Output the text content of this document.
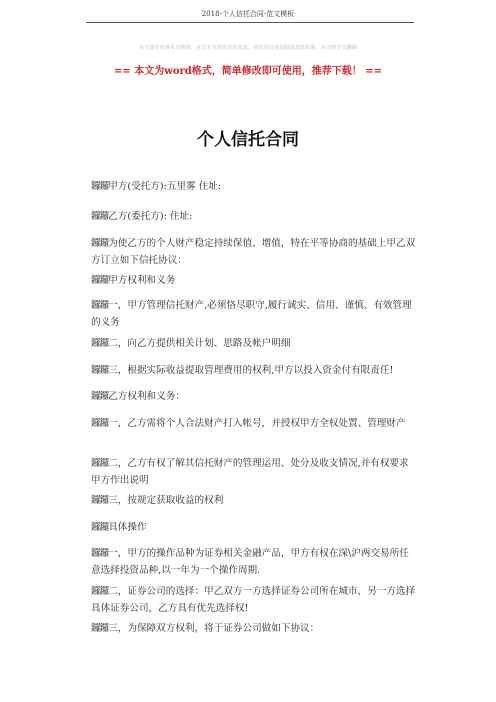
2018-个人信托合同-范文模板
本文部分内容来自网络，本司不为其真实性负责，如有异议或侵权请及时联系，本司将予以删除
== 本文为word格式，简单修改即可使用，推荐下载！ ==
个人信托合同
鑼鑼甲方(受托方):五里雾 住址:
鑼鑼乙方(委托方): 住址:
鑼鑼为使乙方的个人财产稳定持续保值、增值，特在平等协商的基础上甲乙双方订立如下信托协议：
鑼鑼甲方权利和义务
鑼鑼一，甲方管理信托财产,必须恪尽职守,履行诚实、信用、谨慎、有效管理的义务
鑼鑼二，向乙方提供相关计划、思路及帐户明细
鑼鑼三，根据实际收益提取管理费用的权利,甲方以投入资金付有限责任!
鑼鑼乙方权利和义务：
鑼鑼一，乙方需将个人合法财产打入帐号，并授权甲方全权处置、管理财产
鑼鑼二，乙方有权了解其信托财产的管理运用、处分及收支情况,并有权要求甲方作出说明
鑼鑼三，按规定获取收益的权利
鑼鑼具体操作
鑼鑼一，甲方的操作品种为证券相关金融产品，甲方有权在深\沪两交易所任意选择投资品种,以一年为一个操作周期.
鑼鑼二，证券公司的选择：甲乙双方一方选择证券公司所在城市，另一方选择具体证券公司，乙方具有优先选择权!
鑼鑼三，为保障双方权利，将于证券公司做如下协议：
